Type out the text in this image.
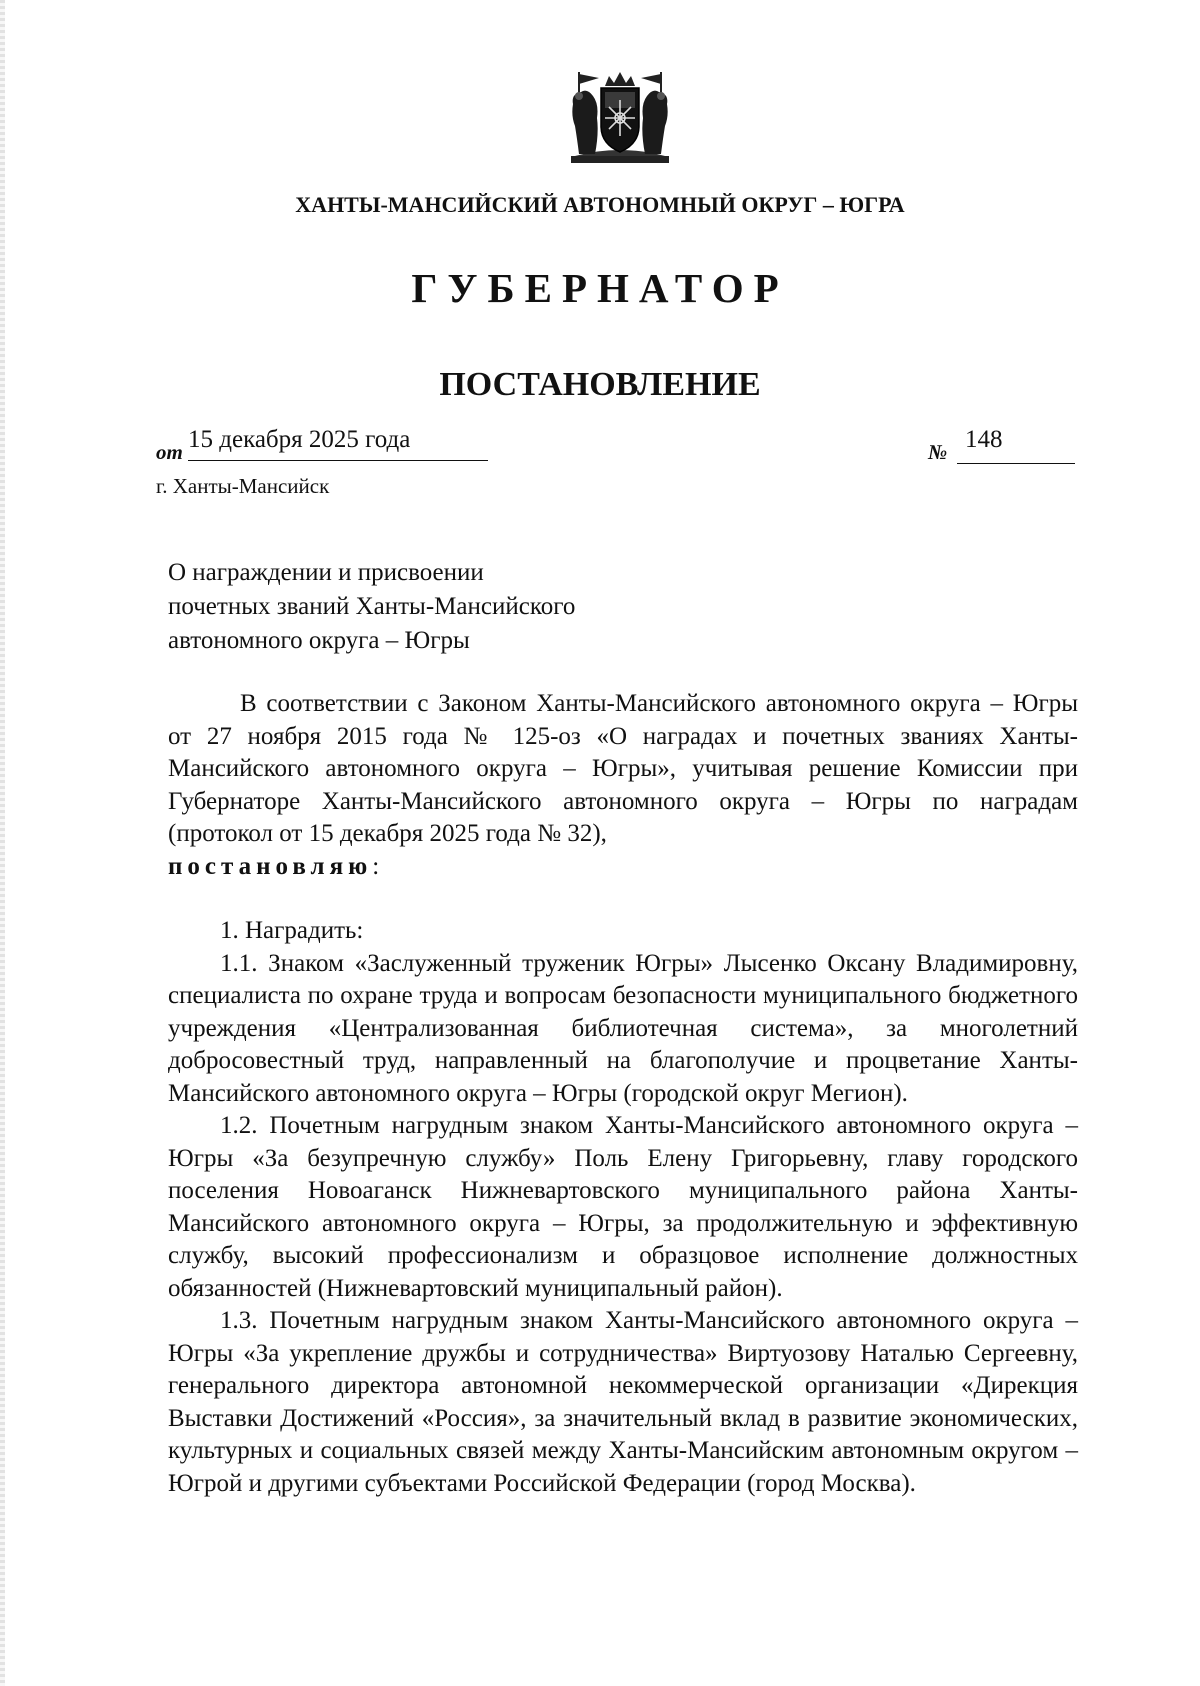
ХАНТЫ-МАНСИЙСКИЙ АВТОНОМНЫЙ ОКРУГ – ЮГРА
ГУБЕРНАТОР
ПОСТАНОВЛЕНИЕ
от 15 декабря 2025 года	№ 148
г. Ханты-Мансийск
О награждении и присвоении
почетных званий Ханты-Мансийского
автономного округа – Югры

В соответствии с Законом Ханты-Мансийского автономного округа – Югры от 27 ноября 2015 года № 125-оз «О наградах и почетных званиях Ханты-Мансийского автономного округа – Югры», учитывая решение Комиссии при Губернаторе Ханты-Мансийского автономного округа – Югры по наградам (протокол от 15 декабря 2025 года № 32),
постановляю:

1. Наградить:

1.1. Знаком «Заслуженный труженик Югры» Лысенко Оксану Владимировну, специалиста по охране труда и вопросам безопасности муниципального бюджетного учреждения «Централизованная библиотечная система», за многолетний добросовестный труд, направленный на благополучие и процветание Ханты-Мансийского автономного округа – Югры (городской округ Мегион).

1.2. Почетным нагрудным знаком Ханты-Мансийского автономного округа – Югры «За безупречную службу» Поль Елену Григорьевну, главу городского поселения Новоаганск Нижневартовского муниципального района Ханты-Мансийского автономного округа – Югры, за продолжительную и эффективную службу, высокий профессионализм и образцовое исполнение должностных обязанностей (Нижневартовский муниципальный район).

1.3. Почетным нагрудным знаком Ханты-Мансийского автономного округа – Югры «За укрепление дружбы и сотрудничества» Виртуозову Наталью Сергеевну, генерального директора автономной некоммерческой организации «Дирекция Выставки Достижений «Россия», за значительный вклад в развитие экономических, культурных и социальных связей между Ханты-Мансийским автономным округом – Югрой и другими субъектами Российской Федерации (город Москва).
